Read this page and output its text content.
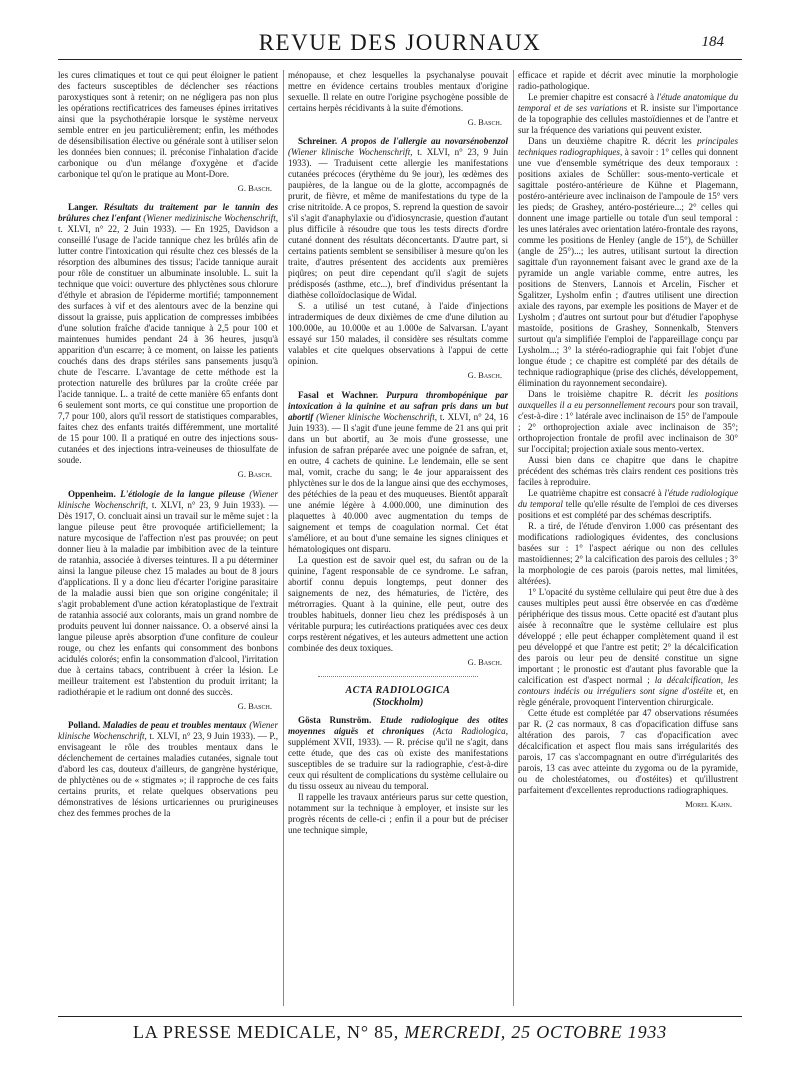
REVUE DES JOURNAUX	184

les cures climatiques et tout ce qui peut éloigner le patient des facteurs susceptibles de déclencher ses réactions paroxystiques sont à retenir; on ne négligera pas non plus les opérations rectificatrices des fameuses épines irritatives ainsi que la psychothérapie lorsque le système nerveux semble entrer en jeu particulièrement; enfin, les méthodes de désensibilisation élective ou générale sont à utiliser selon les données bien connues; il. préconise l'inhalation d'acide carbonique ou d'un mélange d'oxygène et d'acide carbonique tel qu'on le pratique au Mont-Dore.

G. Basch.

Langer. Résultats du traitement par le tannin des brûlures chez l'enfant (Wiener medizinische Wochenschrift, t. XLVI, n° 22, 2 Juin 1933). — En 1925, Davidson a conseillé l'usage de l'acide tannique chez les brûlés afin de lutter contre l'intoxication qui résulte chez ces blessés de la résorption des albumines des tissus; l'acide tannique aurait pour rôle de constituer un albuminate insoluble. L. suit la technique que voici: ouverture des phlyctènes sous chlorure d'éthyle et abrasion de l'épiderme mortifié; tamponnement des surfaces à vif et des alentours avec de la benzine qui dissout la graisse, puis application de compresses imbibées d'une solution fraîche d'acide tannique à 2,5 pour 100 et maintenues humides pendant 24 à 36 heures, jusqu'à apparition d'un escarre; à ce moment, on laisse les patients couchés dans des draps stériles sans pansements jusqu'à chute de l'escarre. L'avantage de cette méthode est la protection naturelle des brûlures par la croûte créée par l'acide tannique. L. a traité de cette manière 65 enfants dont 6 seulement sont morts, ce qui constitue une proportion de 7,7 pour 100, alors qu'il ressort de statistiques comparables, faites chez des enfants traités différemment, une mortalité de 15 pour 100. Il a pratiqué en outre des injections sous-cutanées et des injections intra-veineuses de thiosulfate de soude.

G. Basch.

Oppenheim. L'étiologie de la langue pileuse (Wiener klinische Wochenschrift, t. XLVI, n° 23, 9 Juin 1933). — Dès 1917, O. concluait ainsi un travail sur le même sujet : la langue pileuse peut être provoquée artificiellement; la nature mycosique de l'affection n'est pas prouvée; on peut donner lieu à la maladie par imbibition avec de la teinture de ratanhia, associée à diverses teintures. Il a pu déterminer ainsi la langue pileuse chez 15 malades au bout de 8 jours d'applications. Il y a donc lieu d'écarter l'origine parasitaire de la maladie aussi bien que son origine congénitale; il s'agit probablement d'une action kératoplastique de l'extrait de ratanhia associé aux colorants, mais un grand nombre de produits peuvent lui donner naissance. O. a observé ainsi la langue pileuse après absorption d'une confiture de couleur rouge, ou chez les enfants qui consomment des bonbons acidulés colorés; enfin la consommation d'alcool, l'irritation due à certains tabacs, contribuent à créer la lésion. Le meilleur traitement est l'abstention du produit irritant; la radiothérapie et le radium ont donné des succès.

G. Basch.

Polland. Maladies de peau et troubles mentaux (Wiener klinische Wochenschrift, t. XLVI, n° 23, 9 Juin 1933). — P., envisageant le rôle des troubles mentaux dans le déclenchement de certaines maladies cutanées, signale tout d'abord les cas, douteux d'ailleurs, de gangrène hystérique, de phlyctènes ou de « stigmates »; il rapproche de ces faits certains prurits, et relate quelques observations peu démonstratives de lésions urticariennes ou prurigineuses chez des femmes proches de la

ménopause, et chez lesquelles la psychanalyse pouvait mettre en évidence certains troubles mentaux d'origine sexuelle. Il relate en outre l'origine psychogène possible de certains herpès récidivants à la suite d'émotions.

G. Basch.

Schreiner. A propos de l'allergie au novarsénobenzol (Wiener klinische Wochenschrift, t. XLVI, n° 23, 9 Juin 1933). — Traduisent cette allergie les manifestations cutanées précoces (érythème du 9e jour), les œdèmes des paupières, de la langue ou de la glotte, accompagnés de prurit, de fièvre, et même de manifestations du type de la crise nitritoïde. A ce propos, S. reprend la question de savoir s'il s'agit d'anaphylaxie ou d'idiosyncrasie, question d'autant plus difficile à résoudre que tous les tests directs d'ordre cutané donnent des résultats déconcertants. D'autre part, si certains patients semblent se sensibiliser à mesure qu'on les traite, d'autres présentent des accidents aux premières piqûres; on peut dire cependant qu'il s'agit de sujets prédisposés (asthme, etc...), bref d'individus présentant la diathèse colloïdoclasique de Widal.

S. a utilisé un test cutané, à l'aide d'injections intradermiques de deux dixièmes de cme d'une dilution au 100.000e, au 10.000e et au 1.000e de Salvarsan. L'ayant essayé sur 150 malades, il considère ses résultats comme valables et cite quelques observations à l'appui de cette opinion.

G. Basch.

Fasal et Wachner. Purpura thrombopénique par intoxication à la quinine et au safran pris dans un but abortif (Wiener klinische Wochenschrift, t. XLVI, n° 24, 16 Juin 1933). — Il s'agit d'une jeune femme de 21 ans qui prit dans un but abortif, au 3e mois d'une grossesse, une infusion de safran préparée avec une poignée de safran, et, en outre, 4 cachets de quinine. Le lendemain, elle se sent mal, vomit, crache du sang; le 4e jour apparaissent des phlyctènes sur le dos de la langue ainsi que des ecchymoses, des pétéchies de la peau et des muqueuses. Bientôt apparaît une anémie légère à 4.000.000, une diminution des plaquettes à 40.000 avec augmentation du temps de saignement et temps de coagulation normal. Cet état s'améliore, et au bout d'une semaine les signes cliniques et hématologiques ont disparu.

La question est de savoir quel est, du safran ou de la quinine, l'agent responsable de ce syndrome. Le safran, abortif connu depuis longtemps, peut donner des saignements de nez, des hématuries, de l'ictère, des métrorragies. Quant à la quinine, elle peut, outre des troubles habituels, donner lieu chez les prédisposés à un véritable purpura; les cutiréactions pratiquées avec ces deux corps restèrent négatives, et les auteurs admettent une action combinée des deux toxiques.

G. Basch.
ACTA RADIOLOGICA
(Stockholm)

Gösta Runström. Etude radiologique des otites moyennes aiguës et chroniques (Acta Radiologica, supplément XVII, 1933). — R. précise qu'il ne s'agit, dans cette étude, que des cas où existe des manifestations susceptibles de se traduire sur la radiographie, c'est-à-dire ceux qui résultent de complications du système cellulaire ou du tissu osseux au niveau du temporal.

Il rappelle les travaux antérieurs parus sur cette question, notamment sur la technique à employer, et insiste sur les progrès récents de celle-ci ; enfin il a pour but de préciser une technique simple,

efficace et rapide et décrit avec minutie la morphologie radio-pathologique.

Le premier chapitre est consacré à l'étude anatomique du temporal et de ses variations et R. insiste sur l'importance de la topographie des cellules mastoïdiennes et de l'antre et sur la fréquence des variations qui peuvent exister.

Dans un deuxième chapitre R. décrit les principales techniques radiographiques, à savoir : 1° celles qui donnent une vue d'ensemble symétrique des deux temporaux : positions axiales de Schüller: sous-mento-verticale et sagittale postéro-antérieure de Kühne et Plagemann, postéro-antérieure avec inclinaison de l'ampoule de 15° vers les pieds; de Grashey, antéro-postérieure...; 2° celles qui donnent une image partielle ou totale d'un seul temporal : les unes latérales avec orientation latéro-frontale des rayons, comme les positions de Henley (angle de 15°), de Schüller (angle de 25°)...; les autres, utilisant surtout la direction sagittale d'un rayonnement faisant avec le grand axe de la pyramide un angle variable comme, entre autres, les positions de Stenvers, Lannois et Arcelin, Fischer et Sgalitzer, Lysholm enfin ; d'autres utilisent une direction axiale des rayons, par exemple les positions de Mayer et de Lysholm ; d'autres ont surtout pour but d'étudier l'apophyse mastoïde, positions de Grashey, Sonnenkalb, Stenvers surtout qu'a simplifiée l'emploi de l'appareillage conçu par Lysholm...; 3° la stéréo-radiographie qui fait l'objet d'une longue étude ; ce chapitre est complété par des détails de technique radiographique (prise des clichés, développement, élimination du rayonnement secondaire).

Dans le troisième chapitre R. décrit les positions auxquelles il a eu personnellement recours pour son travail, c'est-à-dire : 1° latérale avec inclinaison de 15° de l'ampoule ; 2° orthoprojection axiale avec inclinaison de 35°; orthoprojection frontale de profil avec inclinaison de 30° sur l'occipital; projection axiale sous mento-vertex.

Aussi bien dans ce chapitre que dans le chapitre précédent des schémas très clairs rendent ces positions très faciles à reproduire.

Le quatrième chapitre est consacré à l'étude radiologique du temporal telle qu'elle résulte de l'emploi de ces diverses positions et est complété par des schémas descriptifs.

R. a tiré, de l'étude d'environ 1.000 cas présentant des modifications radiologiques évidentes, des conclusions basées sur : 1° l'aspect aérique ou non des cellules mastoïdiennes; 2° la calcification des parois des cellules ; 3° la morphologie de ces parois (parois nettes, mal limitées, altérées).

1° L'opacité du système cellulaire qui peut être due à des causes multiples peut aussi être observée en cas d'œdème périphérique des tissus mous. Cette opacité est d'autant plus aisée à reconnaître que le système cellulaire est plus développé ; elle peut échapper complètement quand il est peu développé et que l'antre est petit; 2° la décalcification des parois ou leur peu de densité constitue un signe important ; le pronostic est d'autant plus favorable que la calcification est d'aspect normal ; la décalcification, les contours indécis ou irréguliers sont signe d'ostéite et, en règle générale, provoquent l'intervention chirurgicale.

Cette étude est complétée par 47 observations résumées par R. (2 cas normaux, 8 cas d'opacification diffuse sans altération des parois, 7 cas d'opacification avec décalcification et aspect flou mais sans irrégularités des parois, 17 cas s'accompagnant en outre d'irrégularités des parois, 13 cas avec atteinte du zygoma ou de la pyramide, ou de cholestéatomes, ou d'ostéites) et qu'illustrent parfaitement d'excellentes reproductions radiographiques.

Morel Kahn.
LA PRESSE MEDICALE, N° 85, MERCREDI, 25 OCTOBRE 1933
